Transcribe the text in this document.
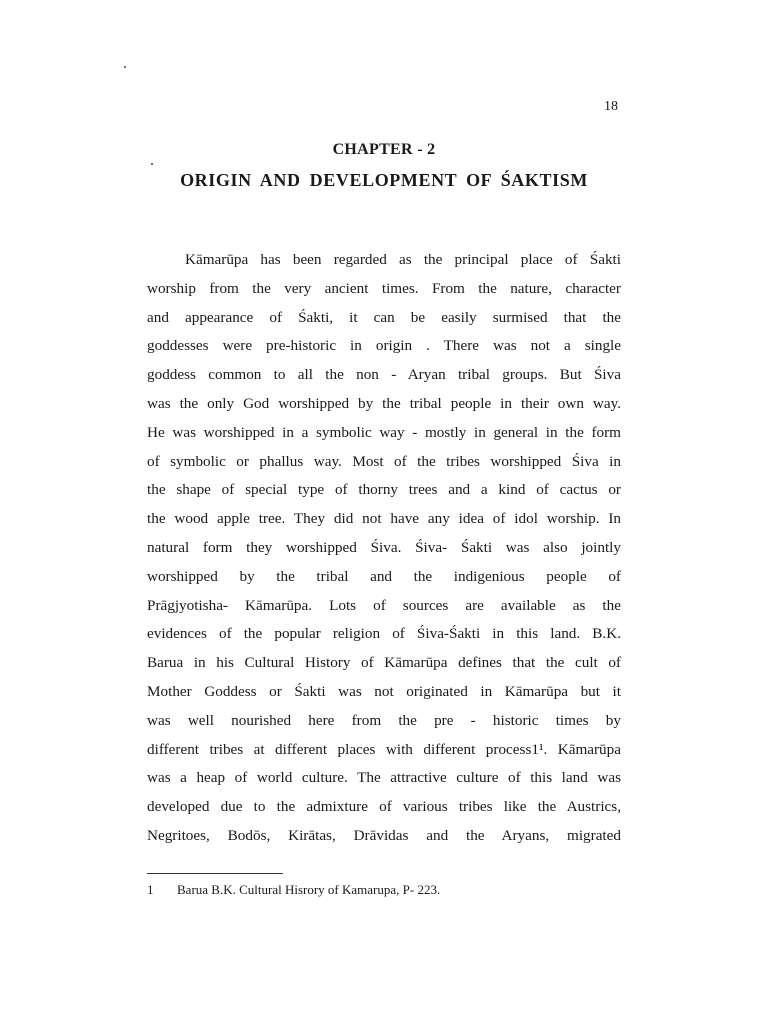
18
CHAPTER - 2
ORIGIN AND DEVELOPMENT OF ŚAKTISM
Kāmarūpa has been regarded as the principal place of Śakti
worship from the very ancient times. From the nature, character
and appearance of Śakti, it can be easily surmised that the
goddesses were pre-historic in origin . There was not a single
goddess common to all the non - Aryan tribal groups. But Śiva
was the only God worshipped by the tribal people in their own way.
He was worshipped in a symbolic way - mostly in general in the form
of symbolic or phallus way. Most of the tribes worshipped Śiva in
the shape of special type of thorny trees and a kind of cactus or
the wood apple tree. They did not have any idea of idol worship. In
natural form they worshipped Śiva. Śiva- Śakti was also jointly
worshipped by the tribal and the indigenious people of
Prāgjyotisha- Kāmarūpa. Lots of sources are available as the
evidences of the popular religion of Śiva-Śakti in this land. B.K.
Barua in his Cultural History of Kāmarūpa defines that the cult of
Mother Goddess or Śakti was not originated in Kāmarūpa but it
was well nourished here from the pre - historic times by
different tribes at different places with different process1¹. Kāmarūpa
was a heap of world culture. The attractive culture of this land was
developed due to the admixture of various tribes like the Austrics,
Negritoes, Bodōs, Kirātas, Drāvidas and the Aryans, migrated
1 Barua B.K. Cultural Hisrory of Kamarupa, P- 223.
